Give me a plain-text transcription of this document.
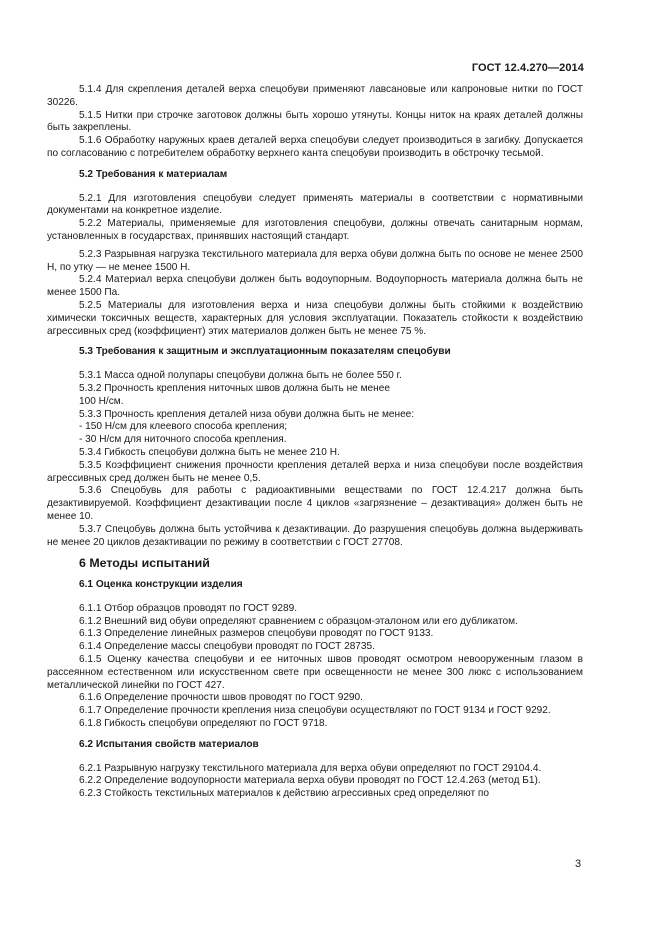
ГОСТ 12.4.270—2014
5.1.4 Для скрепления деталей верха спецобуви применяют лавсановые или капроновые нитки по ГОСТ 30226.
5.1.5 Нитки при строчке заготовок должны быть хорошо утянуты. Концы ниток на краях деталей должны быть закреплены.
5.1.6 Обработку наружных краев деталей верха спецобуви следует производиться в загибку. Допускается по согласованию с потребителем обработку верхнего канта спецобуви производить в обстрочку тесьмой.
5.2 Требования к материалам
5.2.1 Для изготовления спецобуви следует применять материалы в соответствии с нормативными документами на конкретное изделие.
5.2.2 Материалы, применяемые для изготовления спецобуви, должны отвечать санитарным нормам, установленных в государствах, принявших настоящий стандарт.
5.2.3 Разрывная нагрузка текстильного материала для верха обуви должна быть по основе не менее 2500 Н, по утку — не менее 1500 Н.
5.2.4 Материал верха спецобуви должен быть водоупорным. Водоупорность материала должна быть не менее 1500 Па.
5.2.5 Материалы для изготовления верха и низа спецобуви должны быть стойкими к воздействию химически токсичных веществ, характерных для условия эксплуатации. Показатель стойкости к воздействию агрессивных сред (коэффициент) этих материалов должен быть не менее 75 %.
5.3 Требования к защитным и эксплуатационным показателям спецобуви
5.3.1 Масса одной полупары спецобуви должна быть не более 550 г.
5.3.2 Прочность крепления ниточных швов должна быть не менее
100 Н/см.
5.3.3 Прочность крепления деталей низа обуви должна быть не менее:
- 150 Н/см для клеевого способа крепления;
- 30 Н/см для ниточного способа крепления.
5.3.4 Гибкость спецобуви должна быть не менее 210 Н.
5.3.5 Коэффициент снижения прочности крепления деталей верха и низа спецобуви после воздействия агрессивных сред должен быть не менее 0,5.
5.3.6 Спецобувь для работы с радиоактивными веществами по ГОСТ 12.4.217 должна быть дезактивируемой. Коэффициент дезактивации после 4 циклов «загрязнение – дезактивация» должен быть не менее 10.
5.3.7 Спецобувь должна быть устойчива к дезактивации. До разрушения спецобувь должна выдерживать не менее 20 циклов дезактивации по режиму в соответствии с ГОСТ 27708.
6 Методы испытаний
6.1 Оценка конструкции изделия
6.1.1 Отбор образцов проводят по ГОСТ 9289.
6.1.2 Внешний вид обуви определяют сравнением с образцом-эталоном или его дубликатом.
6.1.3 Определение линейных размеров спецобуви проводят по ГОСТ 9133.
6.1.4 Определение массы спецобуви проводят по ГОСТ 28735.
6.1.5 Оценку качества спецобуви и ее ниточных швов проводят осмотром невооруженным глазом в рассеянном естественном или искусственном свете при освещенности не менее 300 люкс с использованием металлической линейки по ГОСТ 427.
6.1.6 Определение прочности швов проводят по ГОСТ 9290.
6.1.7 Определение прочности крепления низа спецобуви осуществляют по ГОСТ 9134 и ГОСТ 9292.
6.1.8 Гибкость спецобуви определяют по ГОСТ 9718.
6.2 Испытания свойств материалов
6.2.1 Разрывную нагрузку текстильного материала для верха обуви определяют по ГОСТ 29104.4.
6.2.2 Определение водоупорности материала верха обуви проводят по ГОСТ 12.4.263 (метод Б1).
6.2.3 Стойкость текстильных материалов к действию агрессивных сред определяют по
3
